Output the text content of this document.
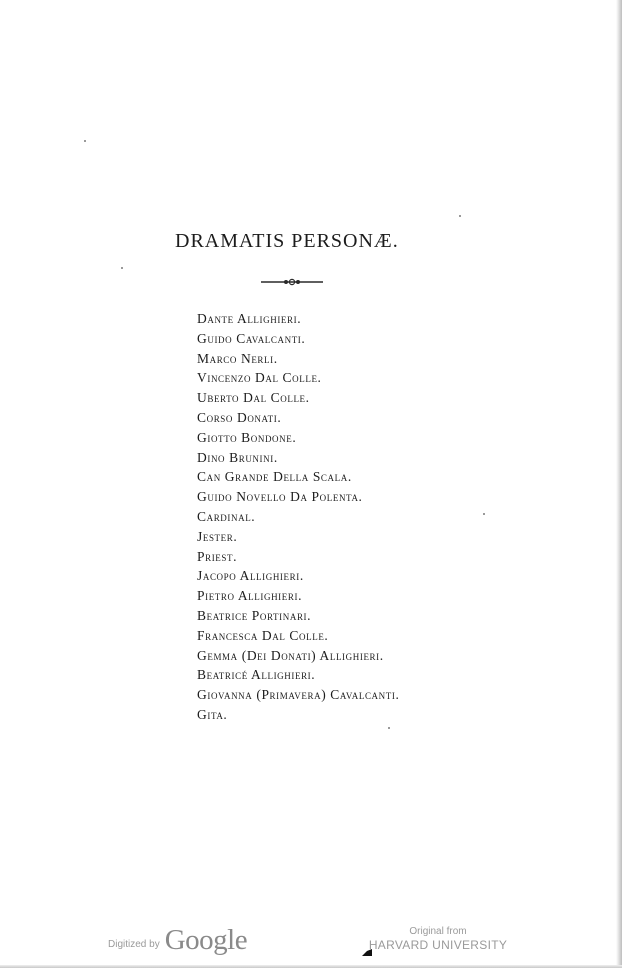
DRAMATIS PERSONÆ.
Dante Allighieri.
Guido Cavalcanti.
Marco Nerli.
Vincenzo Dal Colle.
Uberto Dal Colle.
Corso Donati.
Giotto Bondone.
Dino Brunini.
Can Grande Della Scala.
Guido Novello Da Polenta.
Cardinal.
Jester.
Priest.
Jacopo Allighieri.
Pietro Allighieri.
Beatrice Portinari.
Francesca Dal Colle.
Gemma (Dei Donati) Allighieri.
Beatricé Allighieri.
Giovanna (Primavera) Cavalcanti.
Gita.
Digitized by Google	Original from
HARVARD UNIVERSITY
